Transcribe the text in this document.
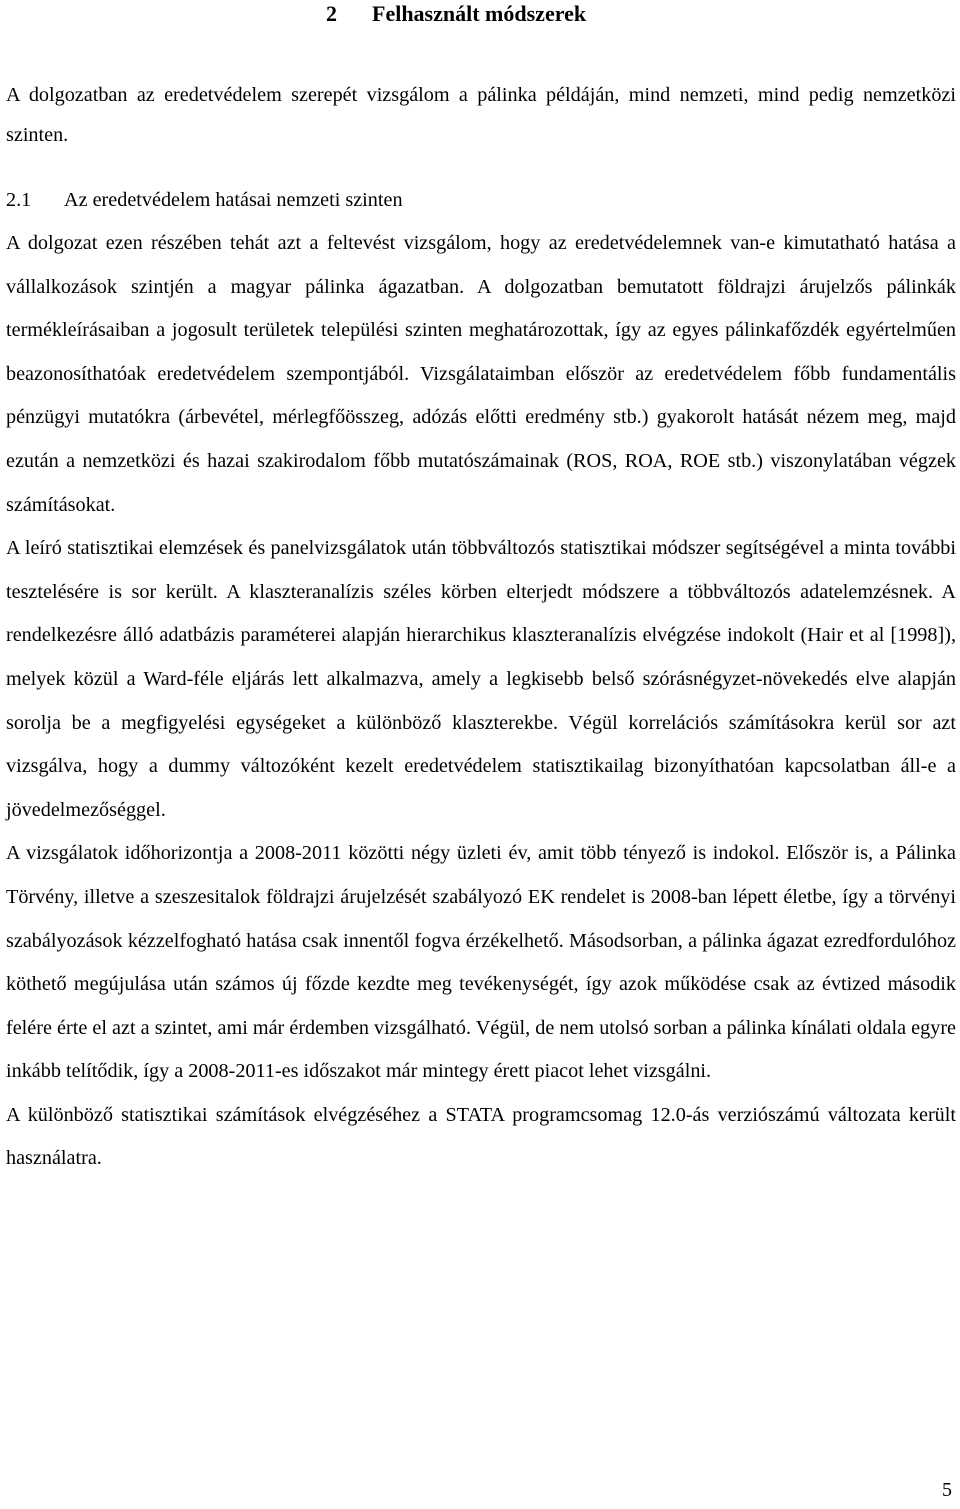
2 Felhasznált módszerek

A dolgozatban az eredetvédelem szerepét vizsgálom a pálinka példáján, mind nemzeti, mind pedig nemzetközi szinten.

2.1 Az eredetvédelem hatásai nemzeti szinten

A dolgozat ezen részében tehát azt a feltevést vizsgálom, hogy az eredetvédelemnek van-e kimutatható hatása a vállalkozások szintjén a magyar pálinka ágazatban. A dolgozatban bemutatott földrajzi árujelzős pálinkák termékleírásaiban a jogosult területek települési szinten meghatározottak, így az egyes pálinkafőzdék egyértelműen beazonosíthatóak eredetvédelem szempontjából. Vizsgálataimban először az eredetvédelem főbb fundamentális pénzügyi mutatókra (árbevétel, mérlegfőösszeg, adózás előtti eredmény stb.) gyakorolt hatását nézem meg, majd ezután a nemzetközi és hazai szakirodalom főbb mutatószámainak (ROS, ROA, ROE stb.) viszonylatában végzek számításokat.

A leíró statisztikai elemzések és panelvizsgálatok után többváltozós statisztikai módszer segítségével a minta további tesztelésére is sor került. A klaszteranalízis széles körben elterjedt módszere a többváltozós adatelemzésnek. A rendelkezésre álló adatbázis paraméterei alapján hierarchikus klaszteranalízis elvégzése indokolt (Hair et al [1998]), melyek közül a Ward-féle eljárás lett alkalmazva, amely a legkisebb belső szórásnégyzet-növekedés elve alapján sorolja be a megfigyelési egységeket a különböző klaszterekbe. Végül korrelációs számításokra kerül sor azt vizsgálva, hogy a dummy változóként kezelt eredetvédelem statisztikailag bizonyíthatóan kapcsolatban áll-e a jövedelmezőséggel.

A vizsgálatok időhorizontja a 2008-2011 közötti négy üzleti év, amit több tényező is indokol. Először is, a Pálinka Törvény, illetve a szeszesitalok földrajzi árujelzését szabályozó EK rendelet is 2008-ban lépett életbe, így a törvényi szabályozások kézzelfogható hatása csak innentől fogva érzékelhető. Másodsorban, a pálinka ágazat ezredfordulóhoz köthető megújulása után számos új főzde kezdte meg tevékenységét, így azok működése csak az évtized második felére érte el azt a szintet, ami már érdemben vizsgálható. Végül, de nem utolsó sorban a pálinka kínálati oldala egyre inkább telítődik, így a 2008-2011-es időszakot már mintegy érett piacot lehet vizsgálni.

A különböző statisztikai számítások elvégzéséhez a STATA programcsomag 12.0-ás verziószámú változata került használatra.

5
